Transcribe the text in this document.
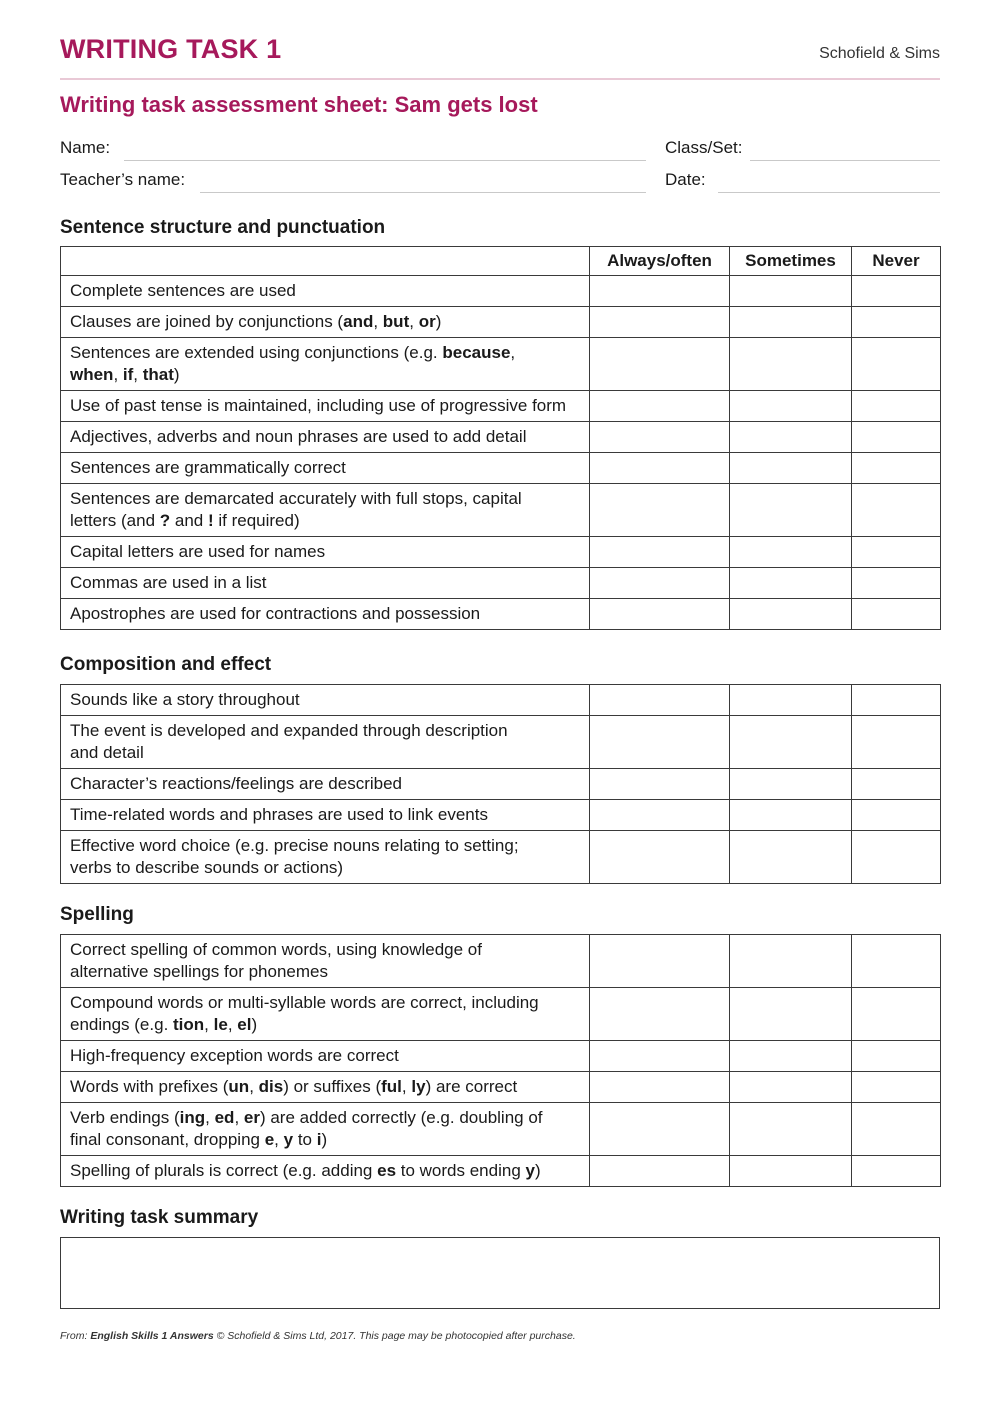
WRITING TASK 1	Schofield & Sims
Writing task assessment sheet: Sam gets lost
Name:	Class/Set:
Teacher’s name:	Date:
Sentence structure and punctuation
	Always/often	Sometimes	Never
Complete sentences are used			
Clauses are joined by conjunctions (and, but, or)			
Sentences are extended using conjunctions (e.g. because,
when, if, that)			
Use of past tense is maintained, including use of progressive form			
Adjectives, adverbs and noun phrases are used to add detail			
Sentences are grammatically correct			
Sentences are demarcated accurately with full stops, capital
letters (and ? and ! if required)			
Capital letters are used for names			
Commas are used in a list			
Apostrophes are used for contractions and possession			
Composition and effect
Sounds like a story throughout			
The event is developed and expanded through description
and detail			
Character’s reactions/feelings are described			
Time-related words and phrases are used to link events			
Effective word choice (e.g. precise nouns relating to setting;
verbs to describe sounds or actions)			
Spelling
Correct spelling of common words, using knowledge of
alternative spellings for phonemes			
Compound words or multi-syllable words are correct, including
endings (e.g. tion, le, el)			
High-frequency exception words are correct			
Words with prefixes (un, dis) or suffixes (ful, ly) are correct			
Verb endings (ing, ed, er) are added correctly (e.g. doubling of
final consonant, dropping e, y to i)			
Spelling of plurals is correct (e.g. adding es to words ending y)			
Writing task summary
From: English Skills 1 Answers © Schofield & Sims Ltd, 2017. This page may be photocopied after purchase.
